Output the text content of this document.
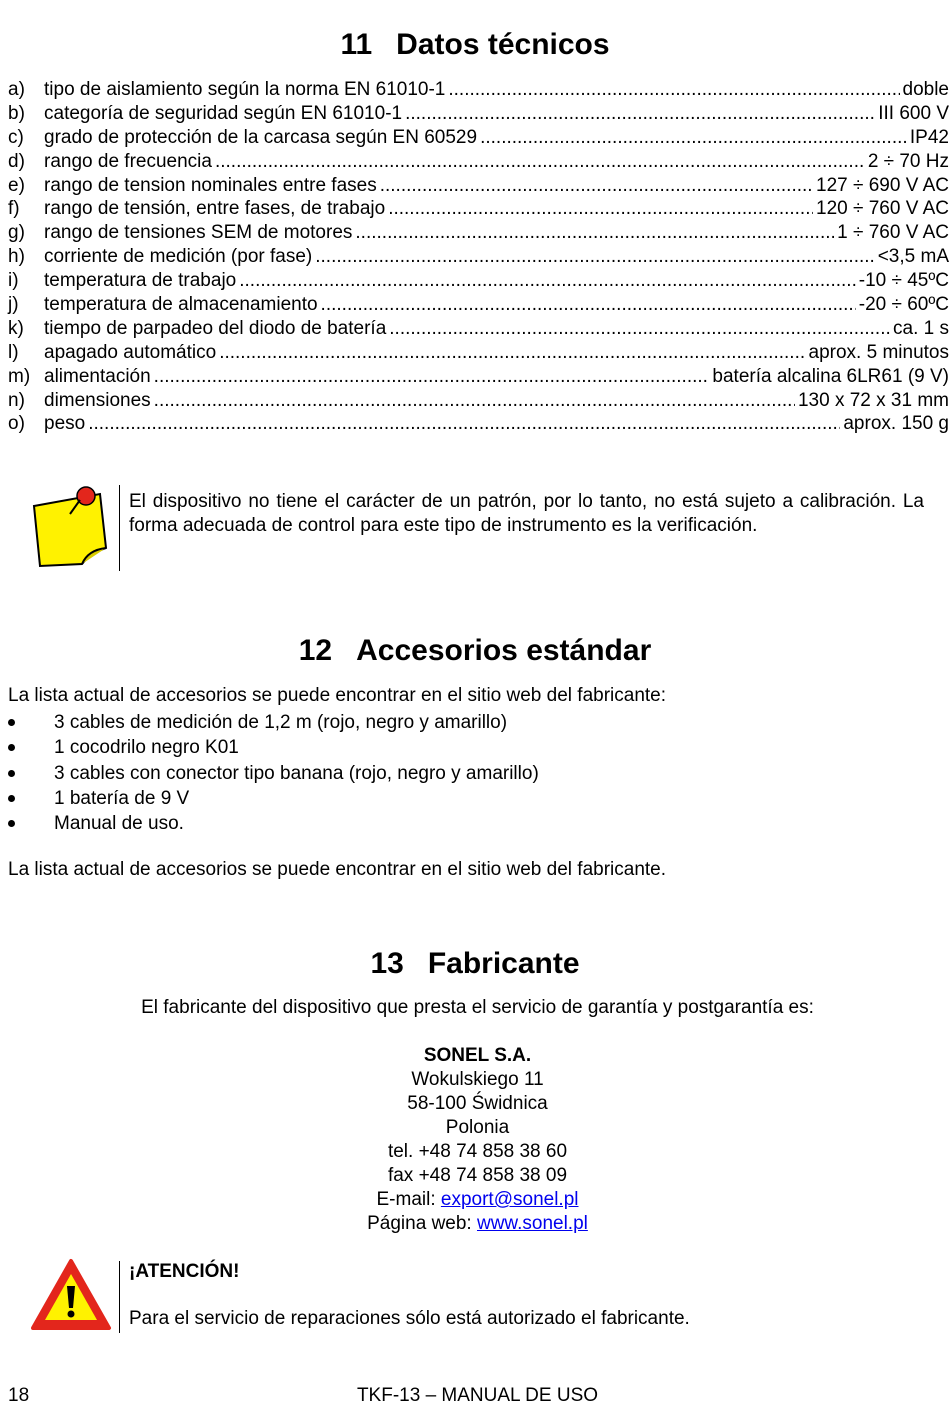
11 Datos técnicos
a)	tipo de aislamiento según la norma EN 61010-1 .....	doble
b)	categoría de seguridad según EN 61010-1 .....	III 600 V
c)	grado de protección de la carcasa según EN 60529 .....	IP42
d)	rango de frecuencia .....	2 ÷ 70 Hz
e)	rango de tension nominales entre fases .....	127 ÷ 690 V AC
f)	rango de tensión, entre fases, de trabajo .....	120 ÷ 760 V AC
g)	rango de tensiones SEM de motores .....	1 ÷ 760 V AC
h)	corriente de medición (por fase) .....	<3,5 mA
i)	temperatura de trabajo .....	-10 ÷ 45ºC
j)	temperatura de almacenamiento .....	-20 ÷ 60ºC
k)	tiempo de parpadeo del diodo de batería .....	ca. 1 s
l)	apagado automático .....	aprox. 5 minutos
m) alimentación .....	batería alcalina 6LR61 (9 V)
n)	dimensiones .....	130 x 72 x 31 mm
o)	peso .....	aprox. 150 g
El dispositivo no tiene el carácter de un patrón, por lo tanto, no está sujeto a calibración. La forma adecuada de control para este tipo de instrumento es la verificación.
12 Accesorios estándar
La lista actual de accesorios se puede encontrar en el sitio web del fabricante:
3 cables de medición de 1,2 m (rojo, negro y amarillo)
1 cocodrilo negro K01
3 cables con conector tipo banana (rojo, negro y amarillo)
1 batería de 9 V
Manual de uso.
La lista actual de accesorios se puede encontrar en el sitio web del fabricante.
13 Fabricante
El fabricante del dispositivo que presta el servicio de garantía y postgarantía es:
SONEL S.A.
Wokulskiego 11
58-100 Świdnica
Polonia
tel. +48 74 858 38 60
fax +48 74 858 38 09
E-mail: export@sonel.pl
Página web: www.sonel.pl
¡ATENCIÓN!
Para el servicio de reparaciones sólo está autorizado el fabricante.
18	TKF-13 – MANUAL DE USO
